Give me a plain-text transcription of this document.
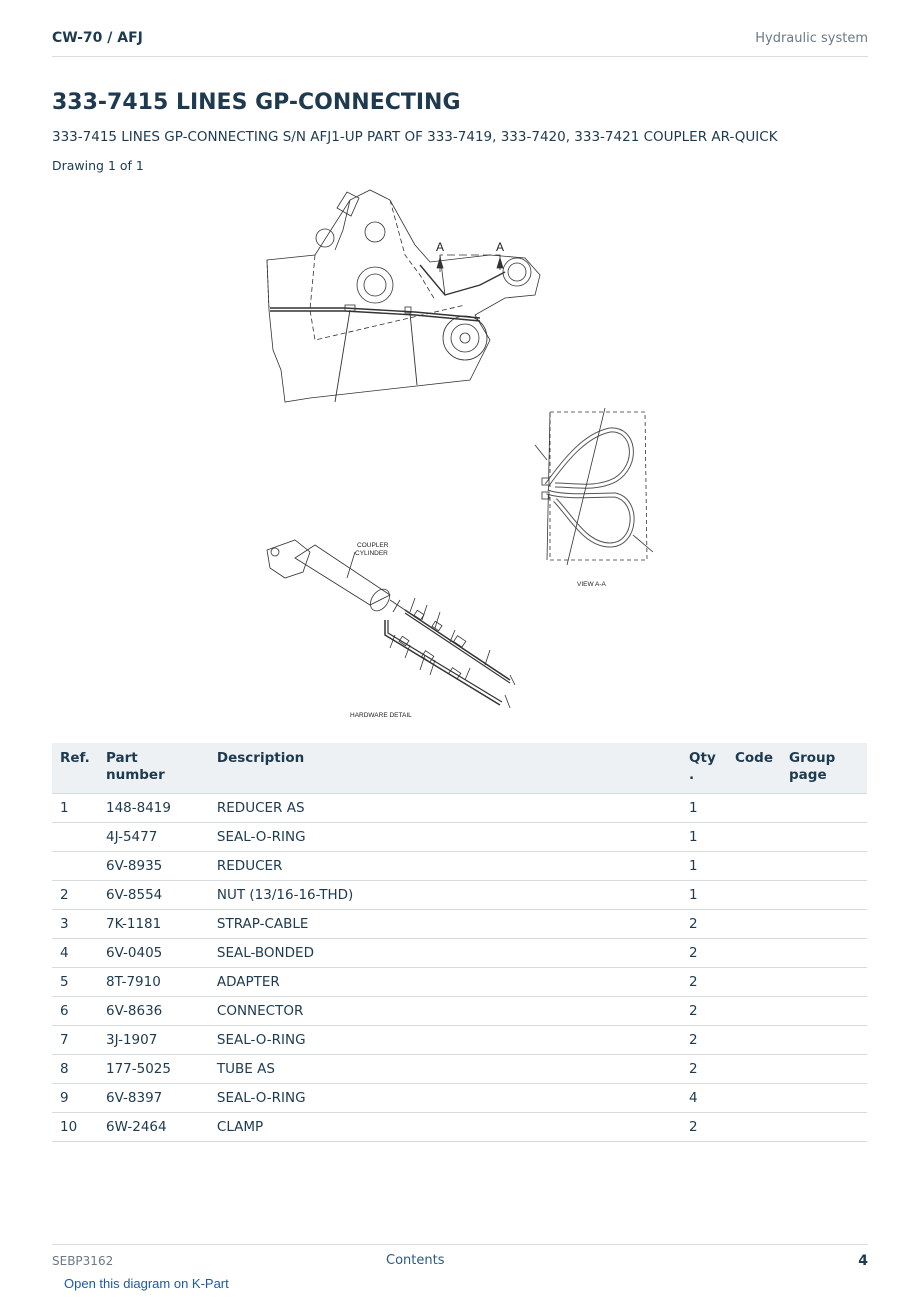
CW-70 / AFJ	Hydraulic system
333-7415 LINES GP-CONNECTING
333-7415 LINES GP-CONNECTING S/N AFJ1-UP PART OF 333-7419, 333-7420, 333-7421 COUPLER AR-QUICK
Drawing 1 of 1
A	A
VIEW A-A
COUPLER
CYLINDER
HARDWARE DETAIL
Ref.	Part number	Description	Qty .	Code	Group page
1	148-8419	REDUCER AS	1		
	4J-5477	SEAL-O-RING	1		
	6V-8935	REDUCER	1		
2	6V-8554	NUT (13/16-16-THD)	1		
3	7K-1181	STRAP-CABLE	2		
4	6V-0405	SEAL-BONDED	2		
5	8T-7910	ADAPTER	2		
6	6V-8636	CONNECTOR	2		
7	3J-1907	SEAL-O-RING	2		
8	177-5025	TUBE AS	2		
9	6V-8397	SEAL-O-RING	4		
10	6W-2464	CLAMP	2		
SEBP3162	Contents	4
Open this diagram on K-Part
